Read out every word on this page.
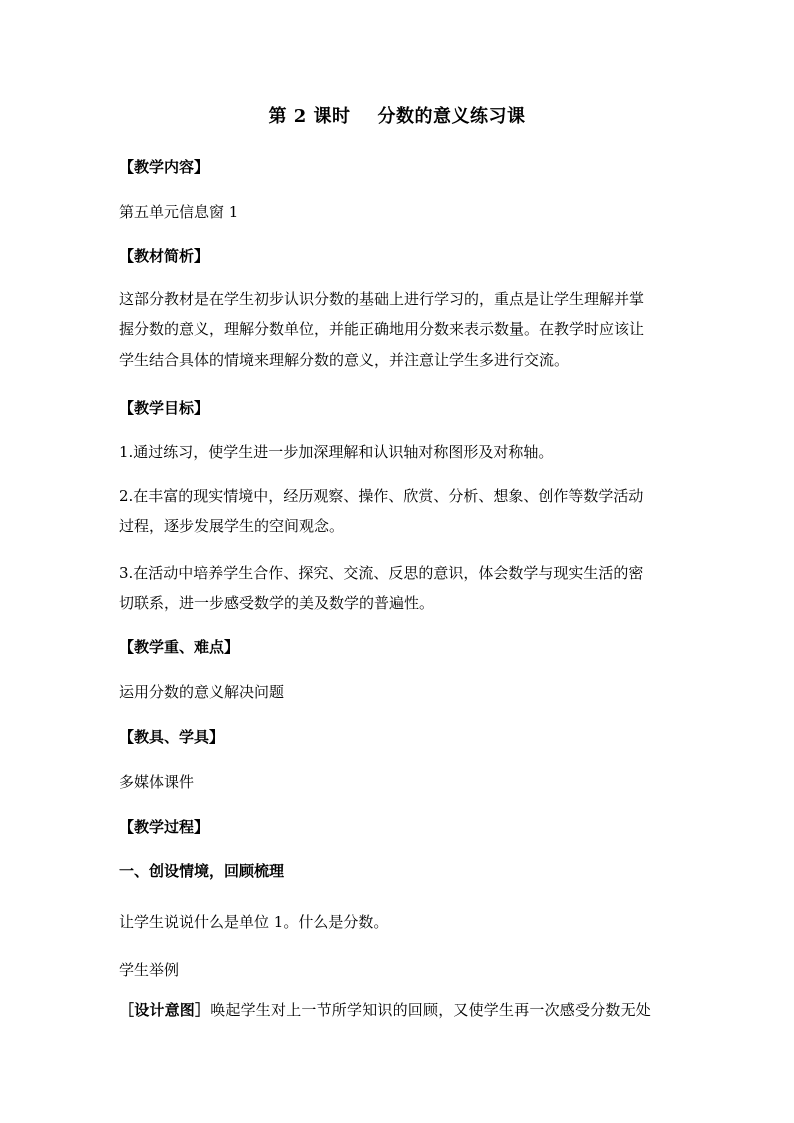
第 2 课时    分数的意义练习课
【教学内容】
第五单元信息窗 1
【教材简析】
这部分教材是在学生初步认识分数的基础上进行学习的，重点是让学生理解并掌
握分数的意义，理解分数单位，并能正确地用分数来表示数量。在教学时应该让
学生结合具体的情境来理解分数的意义，并注意让学生多进行交流。
【教学目标】
1.通过练习，使学生进一步加深理解和认识轴对称图形及对称轴。
2.在丰富的现实情境中，经历观察、操作、欣赏、分析、想象、创作等数学活动
过程，逐步发展学生的空间观念。
3.在活动中培养学生合作、探究、交流、反思的意识，体会数学与现实生活的密
切联系，进一步感受数学的美及数学的普遍性。
【教学重、难点】
运用分数的意义解决问题
【教具、学具】
多媒体课件
【教学过程】
一、创设情境，回顾梳理
让学生说说什么是单位 1。什么是分数。
学生举例
［设计意图］唤起学生对上一节所学知识的回顾，又使学生再一次感受分数无处
